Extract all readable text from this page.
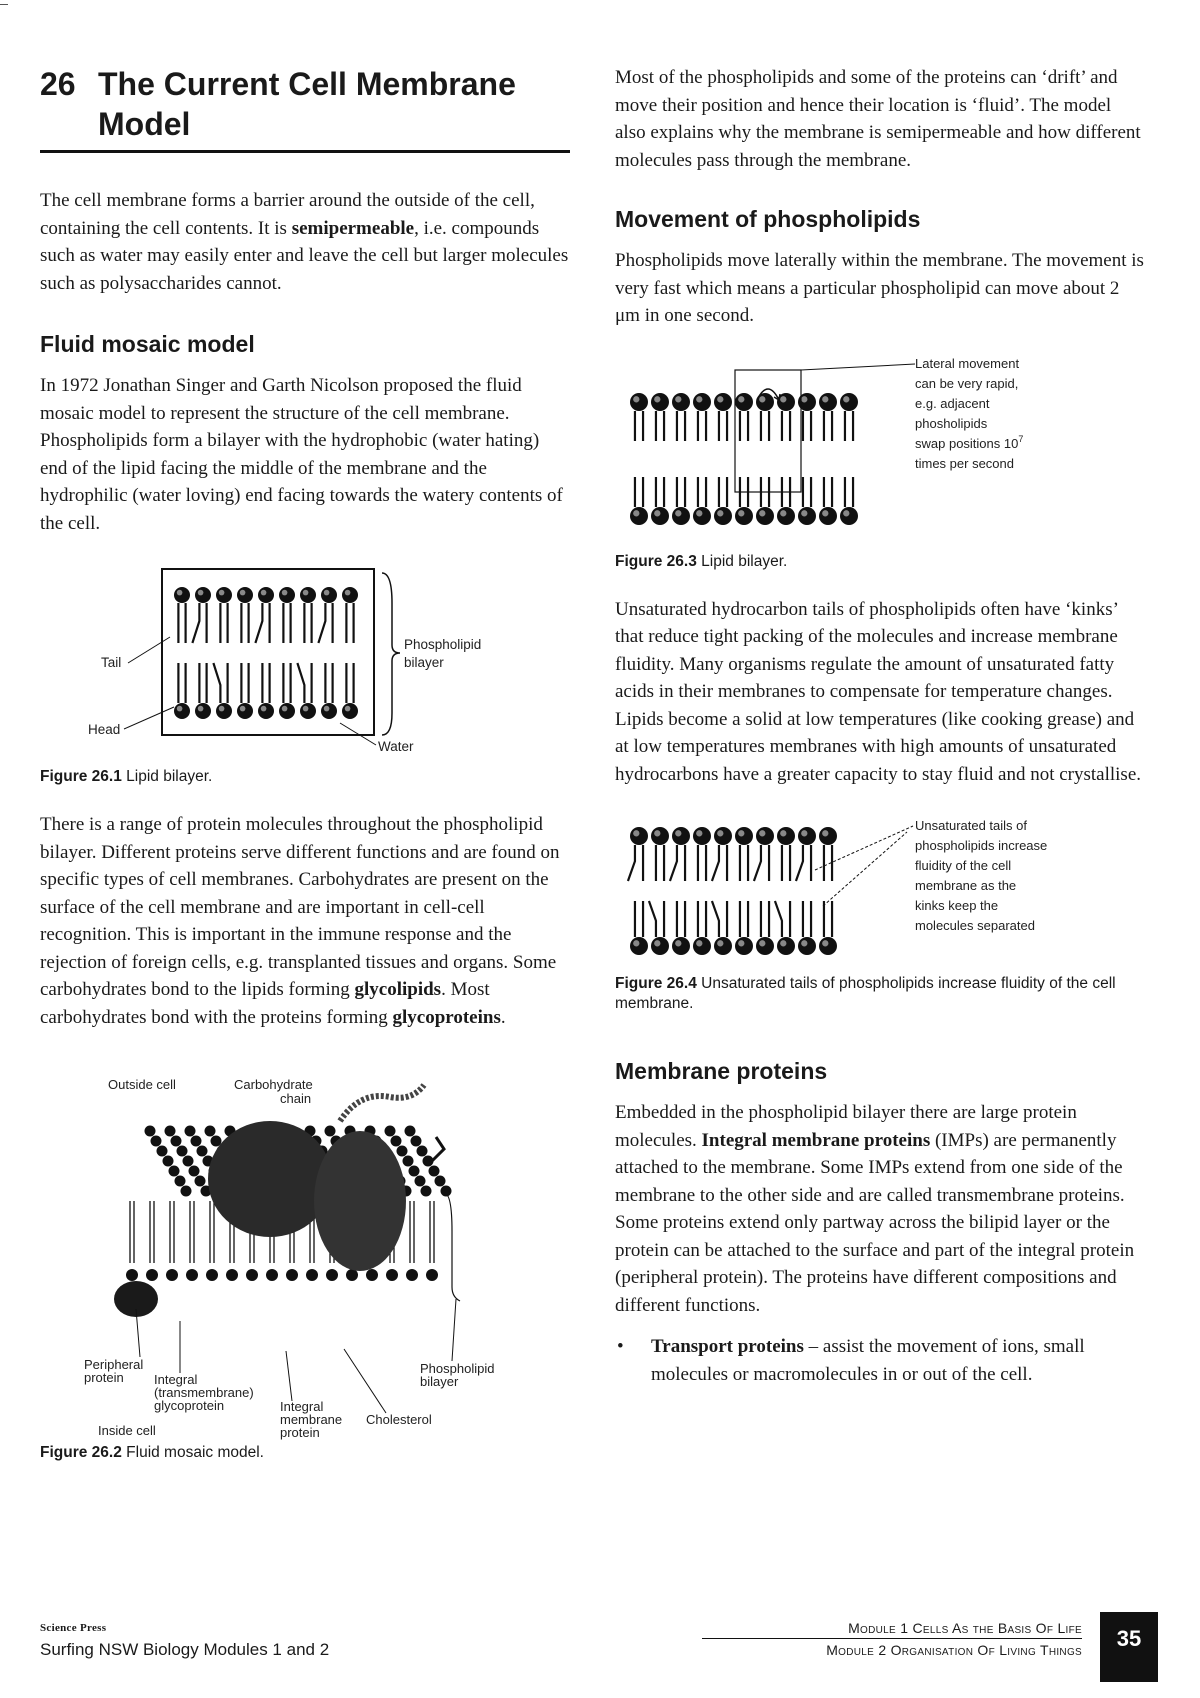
26 The Current Cell Membrane Model

The cell membrane forms a barrier around the outside of the cell, containing the cell contents. It is semipermeable, i.e. compounds such as water may easily enter and leave the cell but larger molecules such as polysaccharides cannot.

Fluid mosaic model

In 1972 Jonathan Singer and Garth Nicolson proposed the fluid mosaic model to represent the structure of the cell membrane. Phospholipids form a bilayer with the hydrophobic (water hating) end of the lipid facing the middle of the membrane and the hydrophilic (water loving) end facing towards the watery contents of the cell.

Phospholipid
bilayer
Tail
Head
Water

Figure 26.1 Lipid bilayer.

There is a range of protein molecules throughout the phospholipid bilayer. Different proteins serve different functions and are found on specific types of cell membranes. Carbohydrates are present on the surface of the cell membrane and are important in cell-cell recognition. This is important in the immune response and the rejection of foreign cells, e.g. transplanted tissues and organs. Some carbohydrates bond to the lipids forming glycolipids. Most carbohydrates bond with the proteins forming glycoproteins.

Outside cell	Carbohydrate
chain
Peripheral
protein Integral
(transmembrane)
glycoprotein	Integral
membrane
protein
Phospholipid
bilayer
Cholesterol
Inside cell

Figure 26.2 Fluid mosaic model.

Most of the phospholipids and some of the proteins can ‘drift’ and move their position and hence their location is ‘fluid’. The model also explains why the membrane is semipermeable and how different molecules pass through the membrane.

Movement of phospholipids

Phospholipids move laterally within the membrane. The movement is very fast which means a particular phospholipid can move about 2 μm in one second.

Lateral movement
can be very rapid,
e.g. adjacent
phosholipids
swap positions $10^7$
times per second

Figure 26.3 Lipid bilayer.

Unsaturated hydrocarbon tails of phospholipids often have ‘kinks’ that reduce tight packing of the molecules and increase membrane fluidity. Many organisms regulate the amount of unsaturated fatty acids in their membranes to compensate for temperature changes. Lipids become a solid at low temperatures (like cooking grease) and at low temperatures membranes with high amounts of unsaturated hydrocarbons have a greater capacity to stay fluid and not crystallise.

Unsaturated tails of
phospholipids increase
fluidity of the cell
membrane as the
kinks keep the
molecules separated

Figure 26.4 Unsaturated tails of phospholipids increase fluidity of the cell membrane.

Membrane proteins

Embedded in the phospholipid bilayer there are large protein molecules. Integral membrane proteins (IMPs) are permanently attached to the membrane. Some IMPs extend from one side of the membrane to the other side and are called transmembrane proteins. Some proteins extend only partway across the bilipid layer or the protein can be attached to the surface and part of the integral protein (peripheral protein). The proteins have different compositions and different functions.

• Transport proteins – assist the movement of ions, small molecules or macromolecules in or out of the cell.
Science Press
Surfing NSW Biology Modules 1 and 2
Module 1 Cells As the Basis Of Life
Module 2 Organisation Of Living Things	35
